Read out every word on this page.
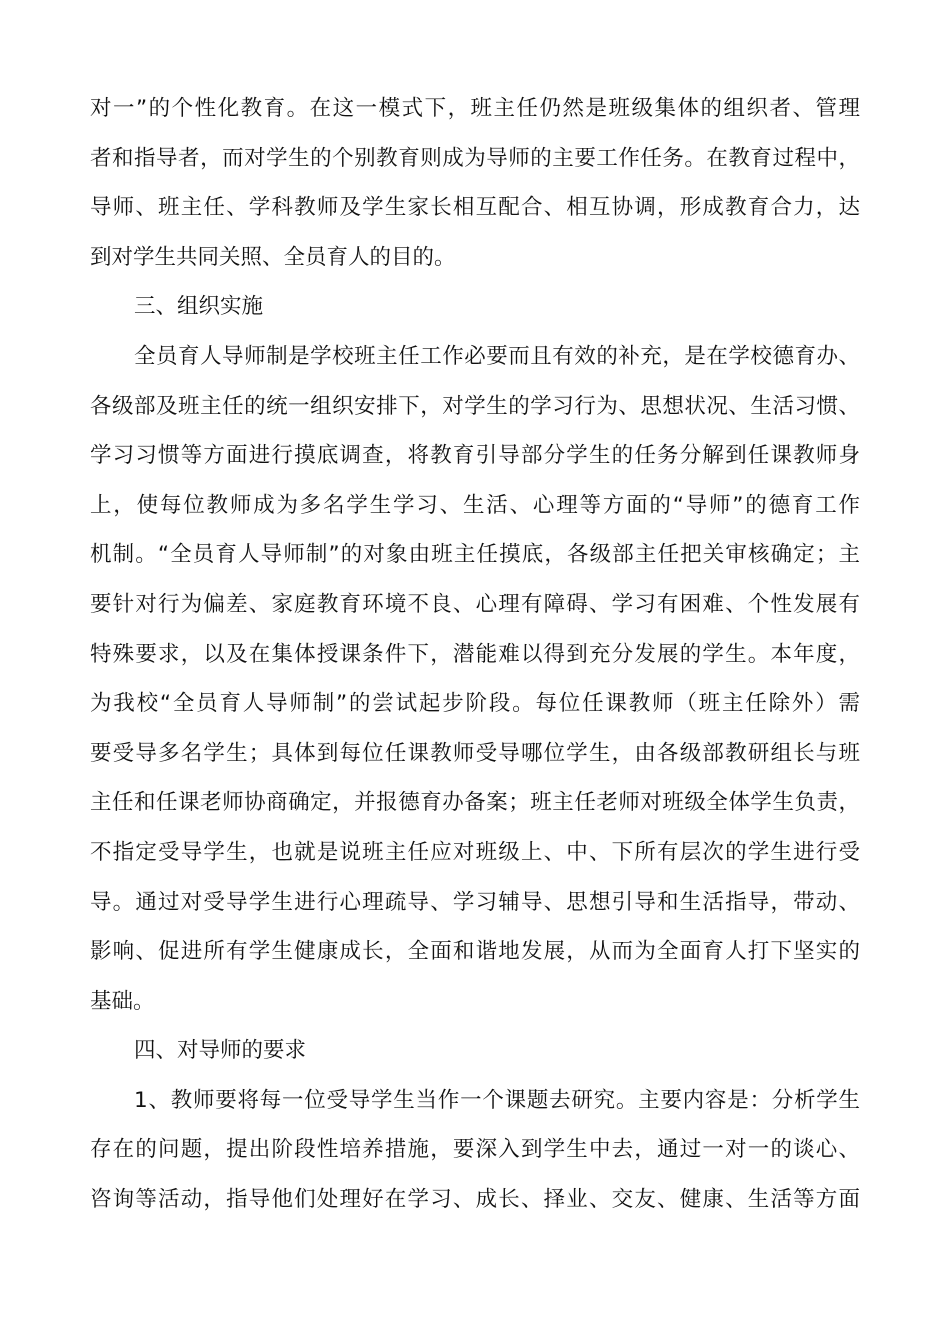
对一”的个性化教育。在这一模式下，班主任仍然是班级集体的组织者、管理
者和指导者，而对学生的个别教育则成为导师的主要工作任务。在教育过程中，
导师、班主任、学科教师及学生家长相互配合、相互协调，形成教育合力，达
到对学生共同关照、全员育人的目的。
三、组织实施
全员育人导师制是学校班主任工作必要而且有效的补充，是在学校德育办、
各级部及班主任的统一组织安排下，对学生的学习行为、思想状况、生活习惯、
学习习惯等方面进行摸底调查，将教育引导部分学生的任务分解到任课教师身
上，使每位教师成为多名学生学习、生活、心理等方面的“导师”的德育工作
机制。“全员育人导师制”的对象由班主任摸底，各级部主任把关审核确定；主
要针对行为偏差、家庭教育环境不良、心理有障碍、学习有困难、个性发展有
特殊要求，以及在集体授课条件下，潜能难以得到充分发展的学生。本年度，
为我校“全员育人导师制”的尝试起步阶段。每位任课教师（班主任除外）需
要受导多名学生；具体到每位任课教师受导哪位学生，由各级部教研组长与班
主任和任课老师协商确定，并报德育办备案；班主任老师对班级全体学生负责，
不指定受导学生，也就是说班主任应对班级上、中、下所有层次的学生进行受
导。通过对受导学生进行心理疏导、学习辅导、思想引导和生活指导，带动、
影响、促进所有学生健康成长，全面和谐地发展，从而为全面育人打下坚实的
基础。
四、对导师的要求
1、教师要将每一位受导学生当作一个课题去研究。主要内容是：分析学生
存在的问题，提出阶段性培养措施，要深入到学生中去，通过一对一的谈心、
咨询等活动，指导他们处理好在学习、成长、择业、交友、健康、生活等方面
